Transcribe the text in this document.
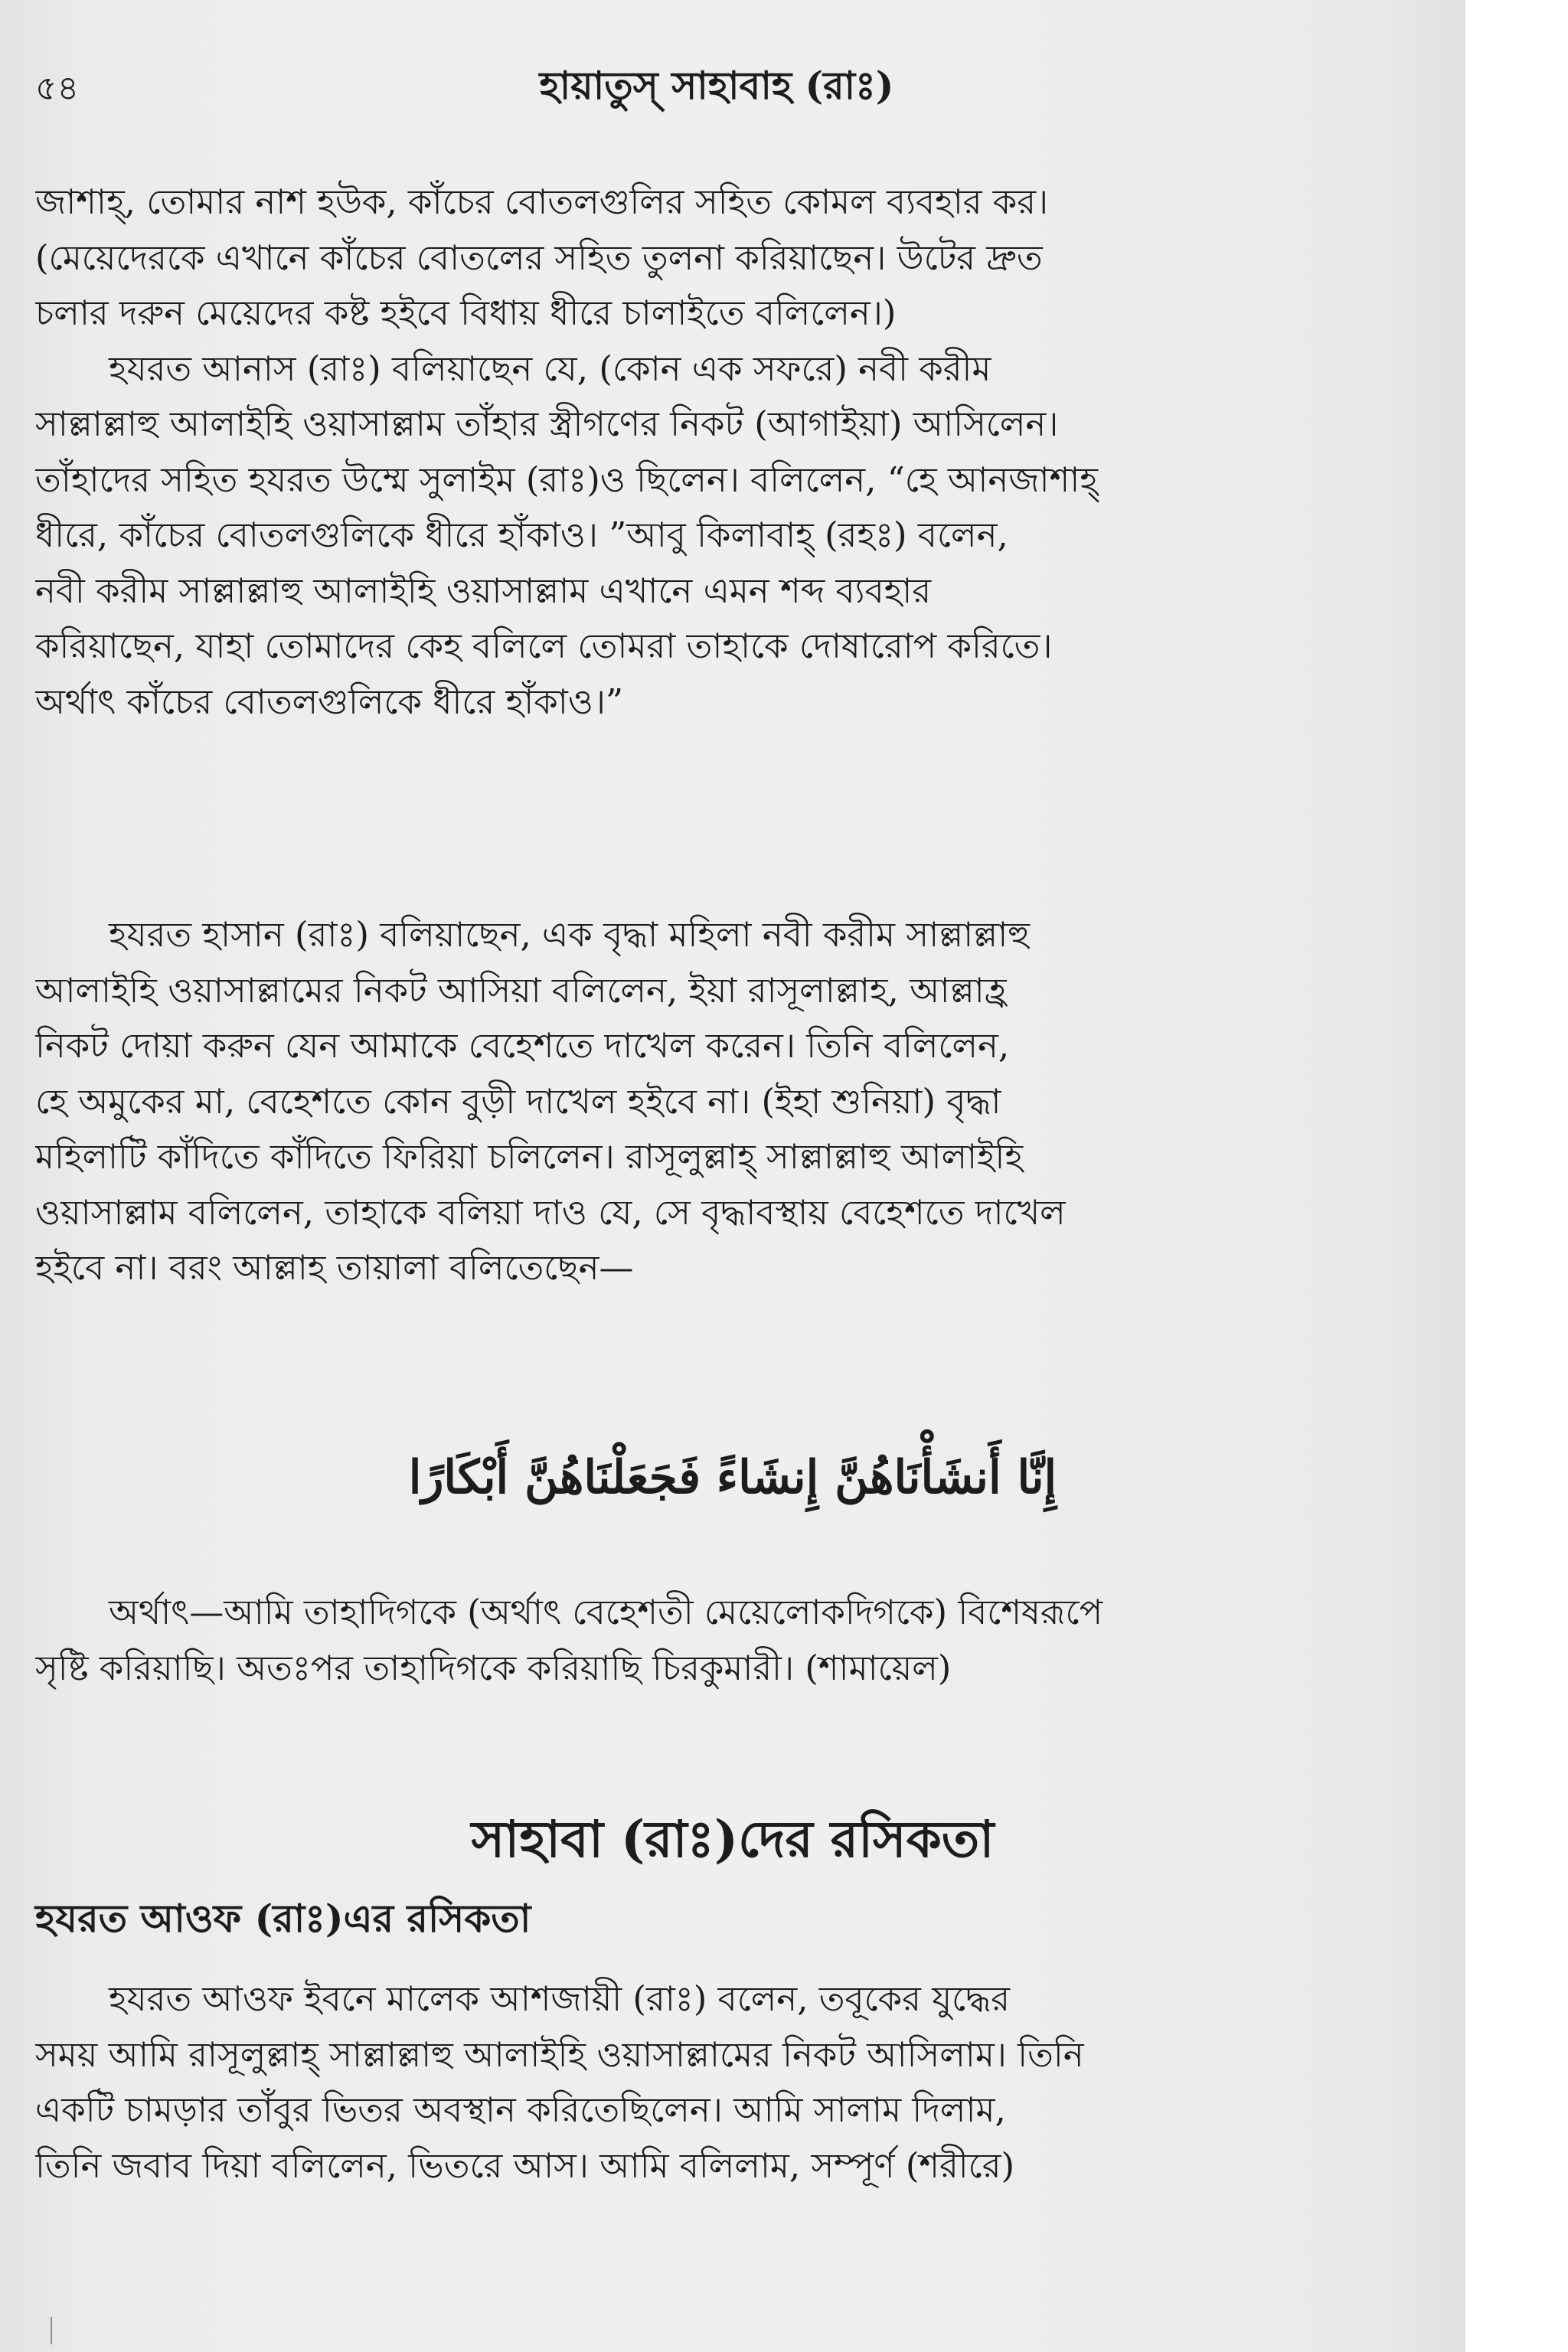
৫৪	হায়াতুস্ সাহাবাহ (রাঃ)
জাশাহ্, তোমার নাশ হউক, কাঁচের বোতলগুলির সহিত কোমল ব্যবহার কর।
(মেয়েদেরকে এখানে কাঁচের বোতলের সহিত তুলনা করিয়াছেন। উটের দ্রুত
চলার দরুন মেয়েদের কষ্ট হইবে বিধায় ধীরে চালাইতে বলিলেন।)
হযরত আনাস (রাঃ) বলিয়াছেন যে, (কোন এক সফরে) নবী করীম
সাল্লাল্লাহু আলাইহি ওয়াসাল্লাম তাঁহার স্ত্রীগণের নিকট (আগাইয়া) আসিলেন।
তাঁহাদের সহিত হযরত উম্মে সুলাইম (রাঃ)ও ছিলেন। বলিলেন, “হে আনজাশাহ্
ধীরে, কাঁচের বোতলগুলিকে ধীরে হাঁকাও। ”আবু কিলাবাহ্ (রহঃ) বলেন,
নবী করীম সাল্লাল্লাহু আলাইহি ওয়াসাল্লাম এখানে এমন শব্দ ব্যবহার
করিয়াছেন, যাহা তোমাদের কেহ বলিলে তোমরা তাহাকে দোষারোপ করিতে।
অর্থাৎ কাঁচের বোতলগুলিকে ধীরে হাঁকাও।”
হযরত হাসান (রাঃ) বলিয়াছেন, এক বৃদ্ধা মহিলা নবী করীম সাল্লাল্লাহু
আলাইহি ওয়াসাল্লামের নিকট আসিয়া বলিলেন, ইয়া রাসূলাল্লাহ, আল্লাহ্র
নিকট দোয়া করুন যেন আমাকে বেহেশতে দাখেল করেন। তিনি বলিলেন,
হে অমুকের মা, বেহেশতে কোন বুড়ী দাখেল হইবে না। (ইহা শুনিয়া) বৃদ্ধা
মহিলাটি কাঁদিতে কাঁদিতে ফিরিয়া চলিলেন। রাসূলুল্লাহ্ সাল্লাল্লাহু আলাইহি
ওয়াসাল্লাম বলিলেন, তাহাকে বলিয়া দাও যে, সে বৃদ্ধাবস্থায় বেহেশতে দাখেল
হইবে না। বরং আল্লাহ তায়ালা বলিতেছেন—
إِنَّا أَنشَأْنَاهُنَّ إِنشَاءً فَجَعَلْنَاهُنَّ أَبْكَارًا
অর্থাৎ—আমি তাহাদিগকে (অর্থাৎ বেহেশতী মেয়েলোকদিগকে) বিশেষরূপে
সৃষ্টি করিয়াছি। অতঃপর তাহাদিগকে করিয়াছি চিরকুমারী। (শামায়েল)
সাহাবা (রাঃ)দের রসিকতা
হযরত আওফ (রাঃ)এর রসিকতা
হযরত আওফ ইবনে মালেক আশজায়ী (রাঃ) বলেন, তবূকের যুদ্ধের
সময় আমি রাসূলুল্লাহ্ সাল্লাল্লাহু আলাইহি ওয়াসাল্লামের নিকট আসিলাম। তিনি
একটি চামড়ার তাঁবুর ভিতর অবস্থান করিতেছিলেন। আমি সালাম দিলাম,
তিনি জবাব দিয়া বলিলেন, ভিতরে আস। আমি বলিলাম, সম্পূর্ণ (শরীরে)
